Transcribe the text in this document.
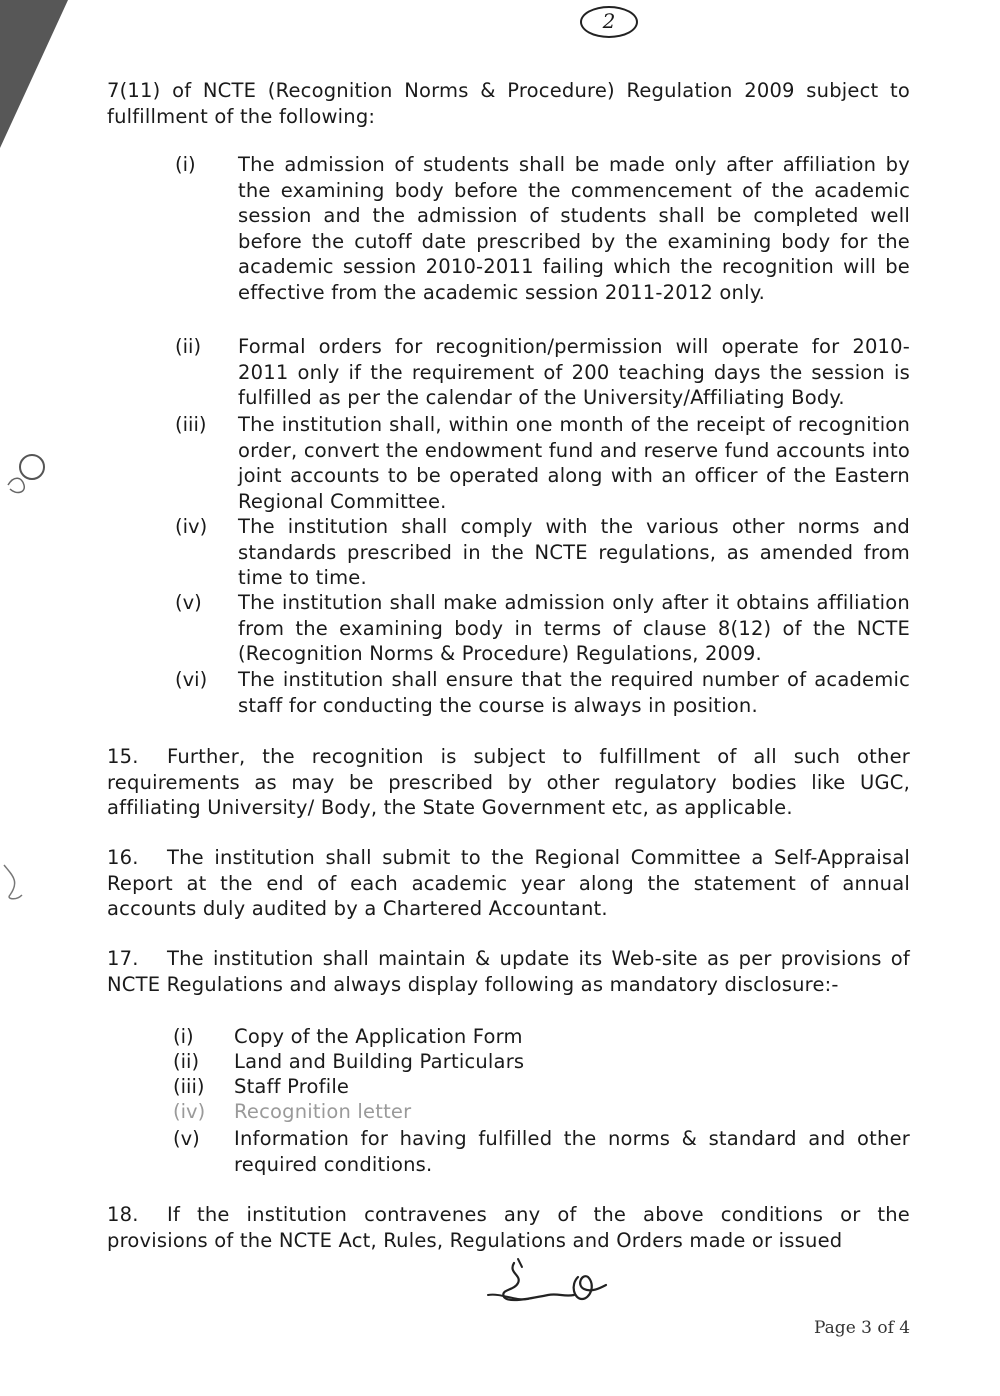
2
7(11) of NCTE (Recognition Norms & Procedure) Regulation 2009 subject to fulfillment of the following:
(i)	The admission of students shall be made only after affiliation by the examining body before the commencement of the academic session and the admission of students shall be completed well before the cutoff date prescribed by the examining body for the academic session 2010-2011 failing which the recognition will be effective from the academic session 2011-2012 only.
(ii)	Formal orders for recognition/permission will operate for 2010-2011 only if the requirement of 200 teaching days the session is fulfilled as per the calendar of the University/Affiliating Body.
(iii)	The institution shall, within one month of the receipt of recognition order, convert the endowment fund and reserve fund accounts into joint accounts to be operated along with an officer of the Eastern Regional Committee.
(iv)	The institution shall comply with the various other norms and standards prescribed in the NCTE regulations, as amended from time to time.
(v)	The institution shall make admission only after it obtains affiliation from the examining body in terms of clause 8(12) of the NCTE (Recognition Norms & Procedure) Regulations, 2009.
(vi)	The institution shall ensure that the required number of academic staff for conducting the course is always in position.
15. Further, the recognition is subject to fulfillment of all such other requirements as may be prescribed by other regulatory bodies like UGC, affiliating University/ Body, the State Government etc, as applicable.
16. The institution shall submit to the Regional Committee a Self-Appraisal Report at the end of each academic year along the statement of annual accounts duly audited by a Chartered Accountant.
17. The institution shall maintain & update its Web-site as per provisions of NCTE Regulations and always display following as mandatory disclosure:-
(i)	Copy of the Application Form
(ii)	Land and Building Particulars
(iii)	Staff Profile
(iv)	Recognition letter
(v)	Information for having fulfilled the norms & standard and other required conditions.
18. If the institution contravenes any of the above conditions or the provisions of the NCTE Act, Rules, Regulations and Orders made or issued
Page 3 of 4
